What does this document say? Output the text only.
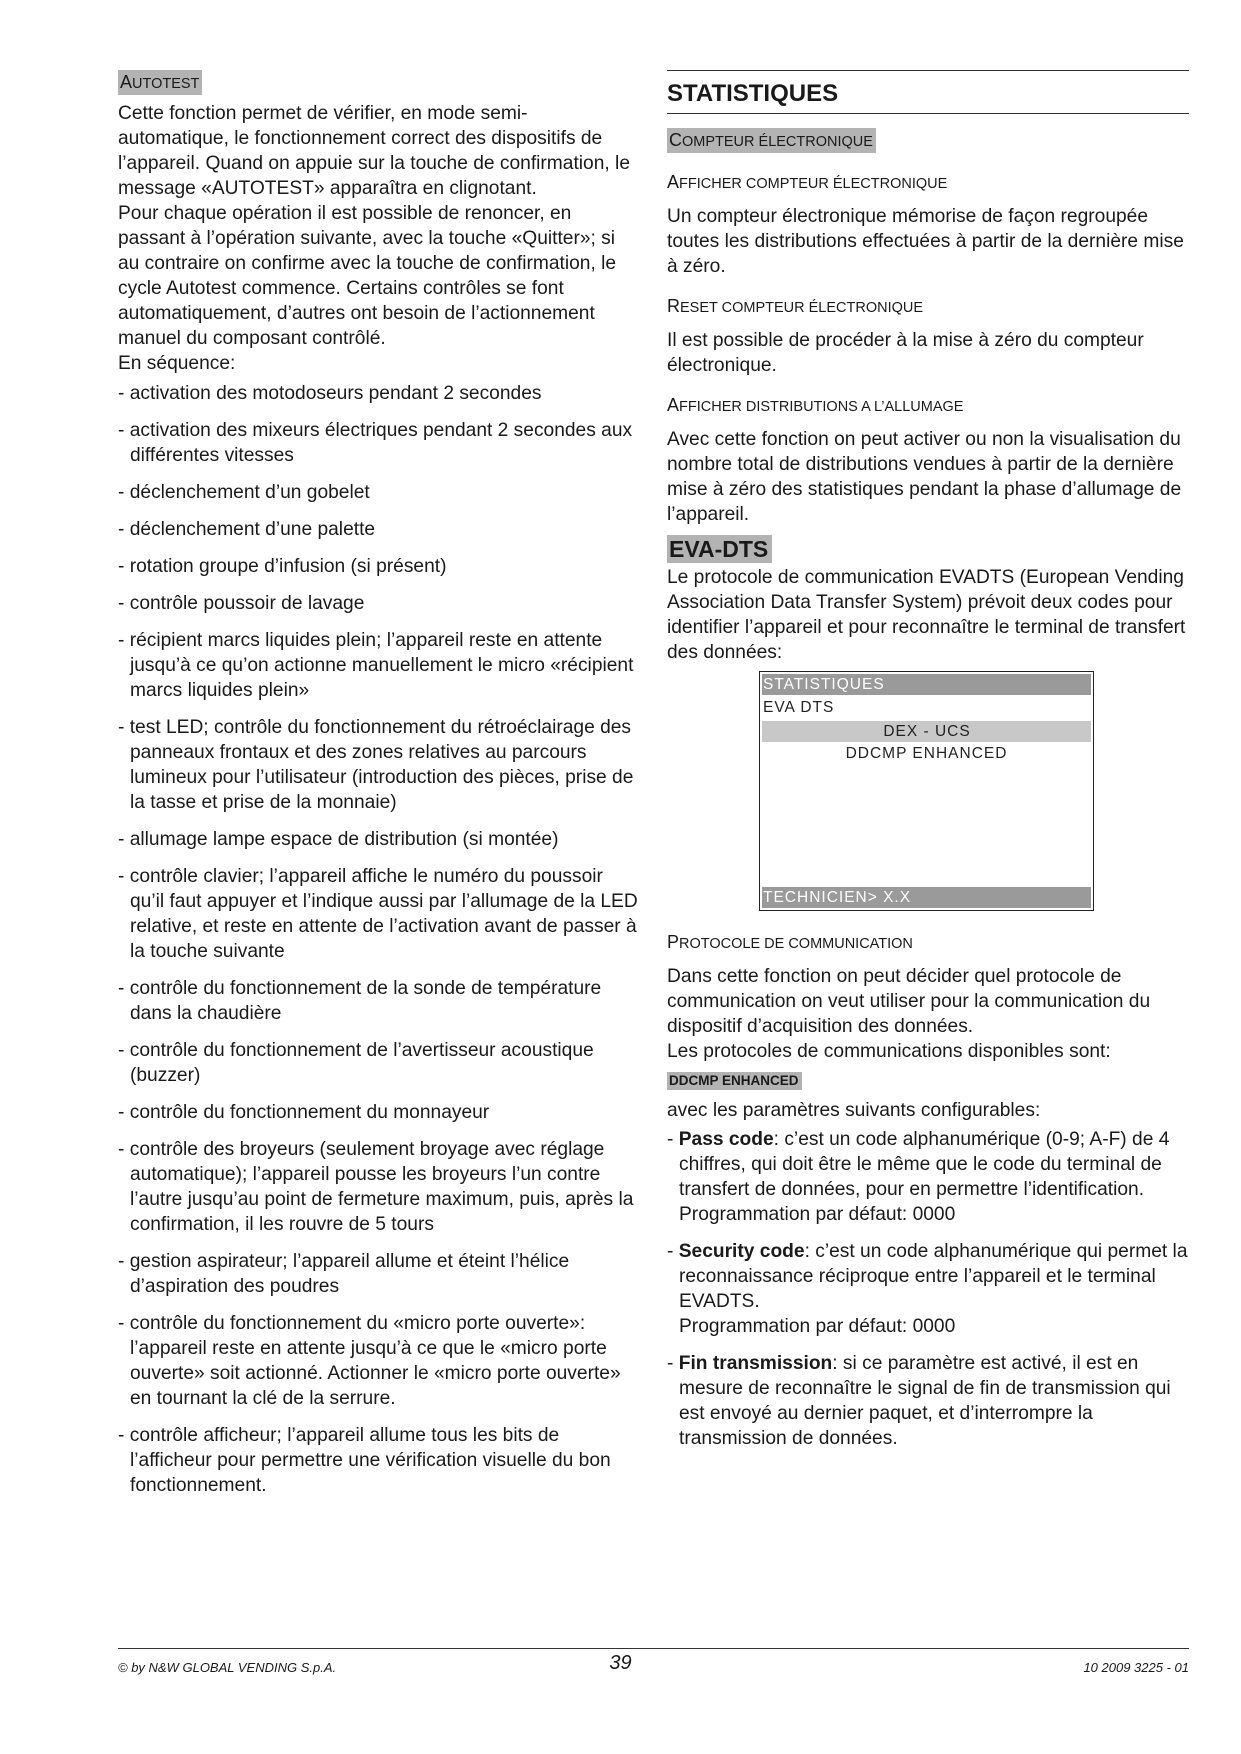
AUTOTEST

Cette fonction permet de vérifier, en mode semi-automatique, le fonctionnement correct des dispositifs de l’appareil. Quand on appuie sur la touche de confirmation, le message «AUTOTEST» apparaîtra en clignotant.

Pour chaque opération il est possible de renoncer, en passant à l’opération suivante, avec la touche «Quitter»; si au contraire on confirme avec la touche de confirmation, le cycle Autotest commence. Certains contrôles se font automatiquement, d’autres ont besoin de l’actionnement manuel du composant contrôlé.

En séquence:

- activation des motodoseurs pendant 2 secondes
- activation des mixeurs électriques pendant 2 secondes aux différentes vitesses
- déclenchement d’un gobelet
- déclenchement d’une palette
- rotation groupe d’infusion (si présent)
- contrôle poussoir de lavage
- récipient marcs liquides plein; l’appareil reste en attente jusqu’à ce qu’on actionne manuellement le micro «récipient marcs liquides plein»
- test LED; contrôle du fonctionnement du rétroéclairage des panneaux frontaux et des zones relatives au parcours lumineux pour l’utilisateur (introduction des pièces, prise de la tasse et prise de la monnaie)
- allumage lampe espace de distribution (si montée)
- contrôle clavier; l’appareil affiche le numéro du poussoir qu’il faut appuyer et l’indique aussi par l’allumage de la LED relative, et reste en attente de l’activation avant de passer à la touche suivante
- contrôle du fonctionnement de la sonde de température dans la chaudière
- contrôle du fonctionnement de l’avertisseur acoustique (buzzer)
- contrôle du fonctionnement du monnayeur
- contrôle des broyeurs (seulement broyage avec réglage automatique); l’appareil pousse les broyeurs l’un contre l’autre jusqu’au point de fermeture maximum, puis, après la confirmation, il les rouvre de 5 tours
- gestion aspirateur; l’appareil allume et éteint l’hélice d’aspiration des poudres
- contrôle du fonctionnement du «micro porte ouverte»: l’appareil reste en attente jusqu’à ce que le «micro porte ouverte» soit actionné. Actionner le «micro porte ouverte» en tournant la clé de la serrure.
- contrôle afficheur; l’appareil allume tous les bits de l’afficheur pour permettre une vérification visuelle du bon fonctionnement.
STATISTIQUES
COMPTEUR ÉLECTRONIQUE
AFFICHER COMPTEUR ÉLECTRONIQUE

Un compteur électronique mémorise de façon regroupée toutes les distributions effectuées à partir de la dernière mise à zéro.

RESET COMPTEUR ÉLECTRONIQUE

Il est possible de procéder à la mise à zéro du compteur électronique.

AFFICHER DISTRIBUTIONS A L’ALLUMAGE

Avec cette fonction on peut activer ou non la visualisation du nombre total de distributions vendues à partir de la dernière mise à zéro des statistiques pendant la phase d’allumage de l’appareil.

EVA-DTS

Le protocole de communication EVADTS (European Vending Association Data Transfer System) prévoit deux codes pour identifier l’appareil et pour reconnaître le terminal de transfert des données:

STATISTIQUES
EVA DTS
DEX - UCS
DDCMP ENHANCED
TECHNICIEN> X.X
PROTOCOLE DE COMMUNICATION

Dans cette fonction on peut décider quel protocole de communication on veut utiliser pour la communication du dispositif d’acquisition des données.

Les protocoles de communications disponibles sont:

DDCMP ENHANCED

avec les paramètres suivants configurables:

- Pass code: c’est un code alphanumérique (0-9; A-F) de 4 chiffres, qui doit être le même que le code du terminal de transfert de données, pour en permettre l’identification.
Programmation par défaut: 0000
- Security code: c’est un code alphanumérique qui permet la reconnaissance réciproque entre l’appareil et le terminal EVADTS.
Programmation par défaut: 0000
- Fin transmission: si ce paramètre est activé, il est en mesure de reconnaître le signal de fin de transmission qui est envoyé au dernier paquet, et d’interrompre la transmission de données.
© by N&W GLOBAL VENDING S.p.A.	39	10 2009 3225 - 01
